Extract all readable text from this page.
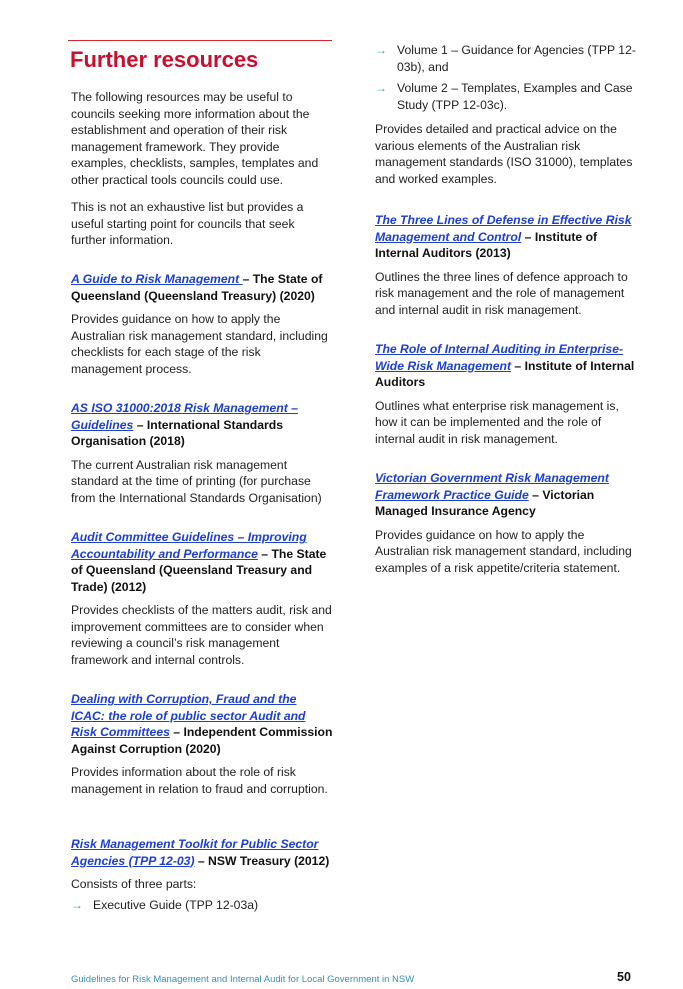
Further resources

The following resources may be useful to councils seeking more information about the establishment and operation of their risk management framework. They provide examples, checklists, samples, templates and other practical tools councils could use.

This is not an exhaustive list but provides a useful starting point for councils that seek further information.

A Guide to Risk Management – The State of Queensland (Queensland Treasury) (2020)

Provides guidance on how to apply the Australian risk management standard, including checklists for each stage of the risk management process.

AS ISO 31000:2018 Risk Management – Guidelines – International Standards Organisation (2018)

The current Australian risk management standard at the time of printing (for purchase from the International Standards Organisation)

Audit Committee Guidelines – Improving Accountability and Performance – The State of Queensland (Queensland Treasury and Trade) (2012)

Provides checklists of the matters audit, risk and improvement committees are to consider when reviewing a council’s risk management framework and internal controls.

Dealing with Corruption, Fraud and the ICAC: the role of public sector Audit and Risk Committees – Independent Commission Against Corruption (2020)

Provides information about the role of risk management in relation to fraud and corruption.

Risk Management Toolkit for Public Sector Agencies (TPP 12-03) – NSW Treasury (2012)

Consists of three parts:

→ Executive Guide (TPP 12-03a)
→ Volume 1 – Guidance for Agencies (TPP 12-03b), and
→ Volume 2 – Templates, Examples and Case Study (TPP 12-03c).

Provides detailed and practical advice on the various elements of the Australian risk management standards (ISO 31000), templates and worked examples.

The Three Lines of Defense in Effective Risk Management and Control – Institute of Internal Auditors (2013)

Outlines the three lines of defence approach to risk management and the role of management and internal audit in risk management.

The Role of Internal Auditing in Enterprise-Wide Risk Management – Institute of Internal Auditors

Outlines what enterprise risk management is, how it can be implemented and the role of internal audit in risk management.

Victorian Government Risk Management Framework Practice Guide – Victorian Managed Insurance Agency

Provides guidance on how to apply the Australian risk management standard, including examples of a risk appetite/criteria statement.

Guidelines for Risk Management and Internal Audit for Local Government in NSW	50
